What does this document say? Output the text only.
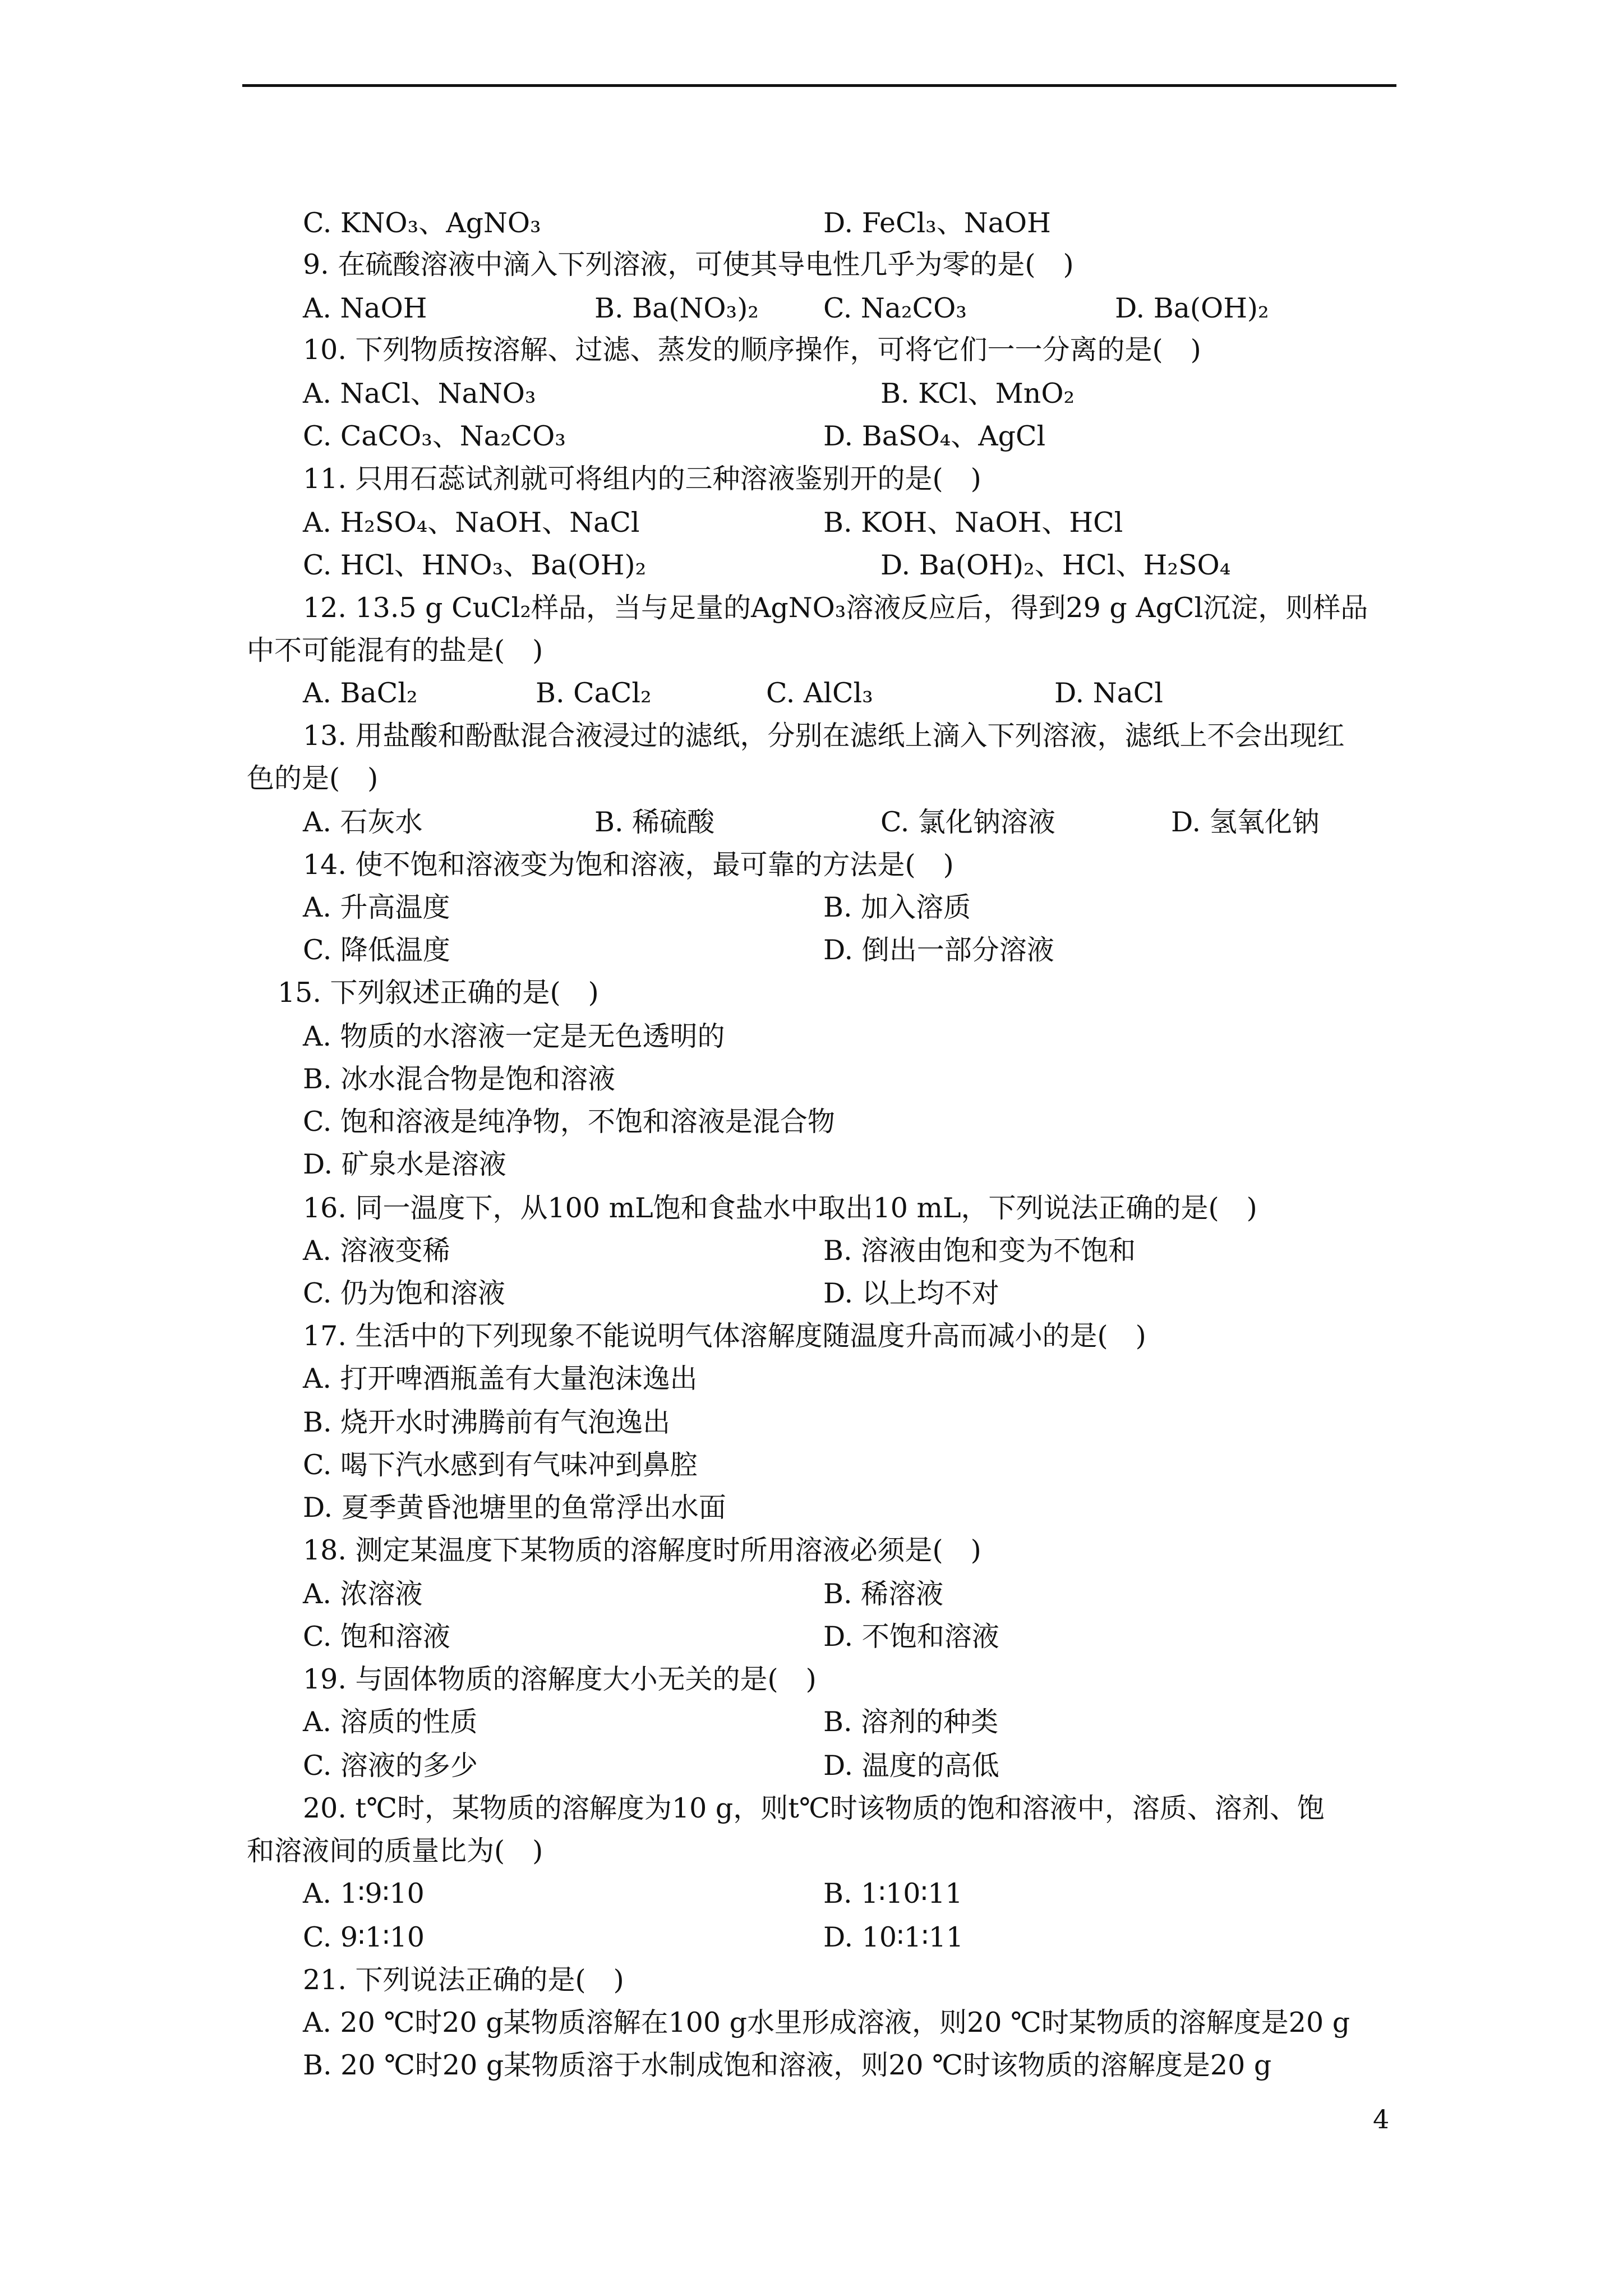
C. KNO₃、AgNO₃	D. FeCl₃、NaOH
9. 在硫酸溶液中滴入下列溶液，可使其导电性几乎为零的是(　)
A. NaOH	B. Ba(NO₃)₂ C. Na₂CO₃	D. Ba(OH)₂
10. 下列物质按溶解、过滤、蒸发的顺序操作，可将它们一一分离的是(　)
A. NaCl、NaNO₃	B. KCl、MnO₂
C. CaCO₃、Na₂CO₃	D. BaSO₄、AgCl
11. 只用石蕊试剂就可将组内的三种溶液鉴别开的是(　)
A. H₂SO₄、NaOH、NaCl	B. KOH、NaOH、HCl
C. HCl、HNO₃、Ba(OH)₂	D. Ba(OH)₂、HCl、H₂SO₄
12. 13.5 g CuCl₂样品，当与足量的AgNO₃溶液反应后，得到29 g AgCl沉淀，则样品
中不可能混有的盐是(　)
A. BaCl₂	B. CaCl₂	C. AlCl₃	D. NaCl
13. 用盐酸和酚酞混合液浸过的滤纸，分别在滤纸上滴入下列溶液，滤纸上不会出现红
色的是(　)
A. 石灰水	B. 稀硫酸	C. 氯化钠溶液	D. 氢氧化钠
14. 使不饱和溶液变为饱和溶液，最可靠的方法是(　)
A. 升高温度	B. 加入溶质
C. 降低温度	D. 倒出一部分溶液
15. 下列叙述正确的是(　)
A. 物质的水溶液一定是无色透明的
B. 冰水混合物是饱和溶液
C. 饱和溶液是纯净物，不饱和溶液是混合物
D. 矿泉水是溶液
16. 同一温度下，从100 mL饱和食盐水中取出10 mL，下列说法正确的是(　)
A. 溶液变稀	B. 溶液由饱和变为不饱和
C. 仍为饱和溶液	D. 以上均不对
17. 生活中的下列现象不能说明气体溶解度随温度升高而减小的是(　)
A. 打开啤酒瓶盖有大量泡沫逸出
B. 烧开水时沸腾前有气泡逸出
C. 喝下汽水感到有气味冲到鼻腔
D. 夏季黄昏池塘里的鱼常浮出水面
18. 测定某温度下某物质的溶解度时所用溶液必须是(　)
A. 浓溶液	B. 稀溶液
C. 饱和溶液	D. 不饱和溶液
19. 与固体物质的溶解度大小无关的是(　)
A. 溶质的性质	B. 溶剂的种类
C. 溶液的多少	D. 温度的高低
20. t℃时，某物质的溶解度为10 g，则t℃时该物质的饱和溶液中，溶质、溶剂、饱
和溶液间的质量比为(　)
A. 1∶9∶10	B. 1∶10∶11
C. 9∶1∶10	D. 10∶1∶11
21. 下列说法正确的是(　)
A. 20 ℃时20 g某物质溶解在100 g水里形成溶液，则20 ℃时某物质的溶解度是20 g
B. 20 ℃时20 g某物质溶于水制成饱和溶液，则20 ℃时该物质的溶解度是20 g
4
